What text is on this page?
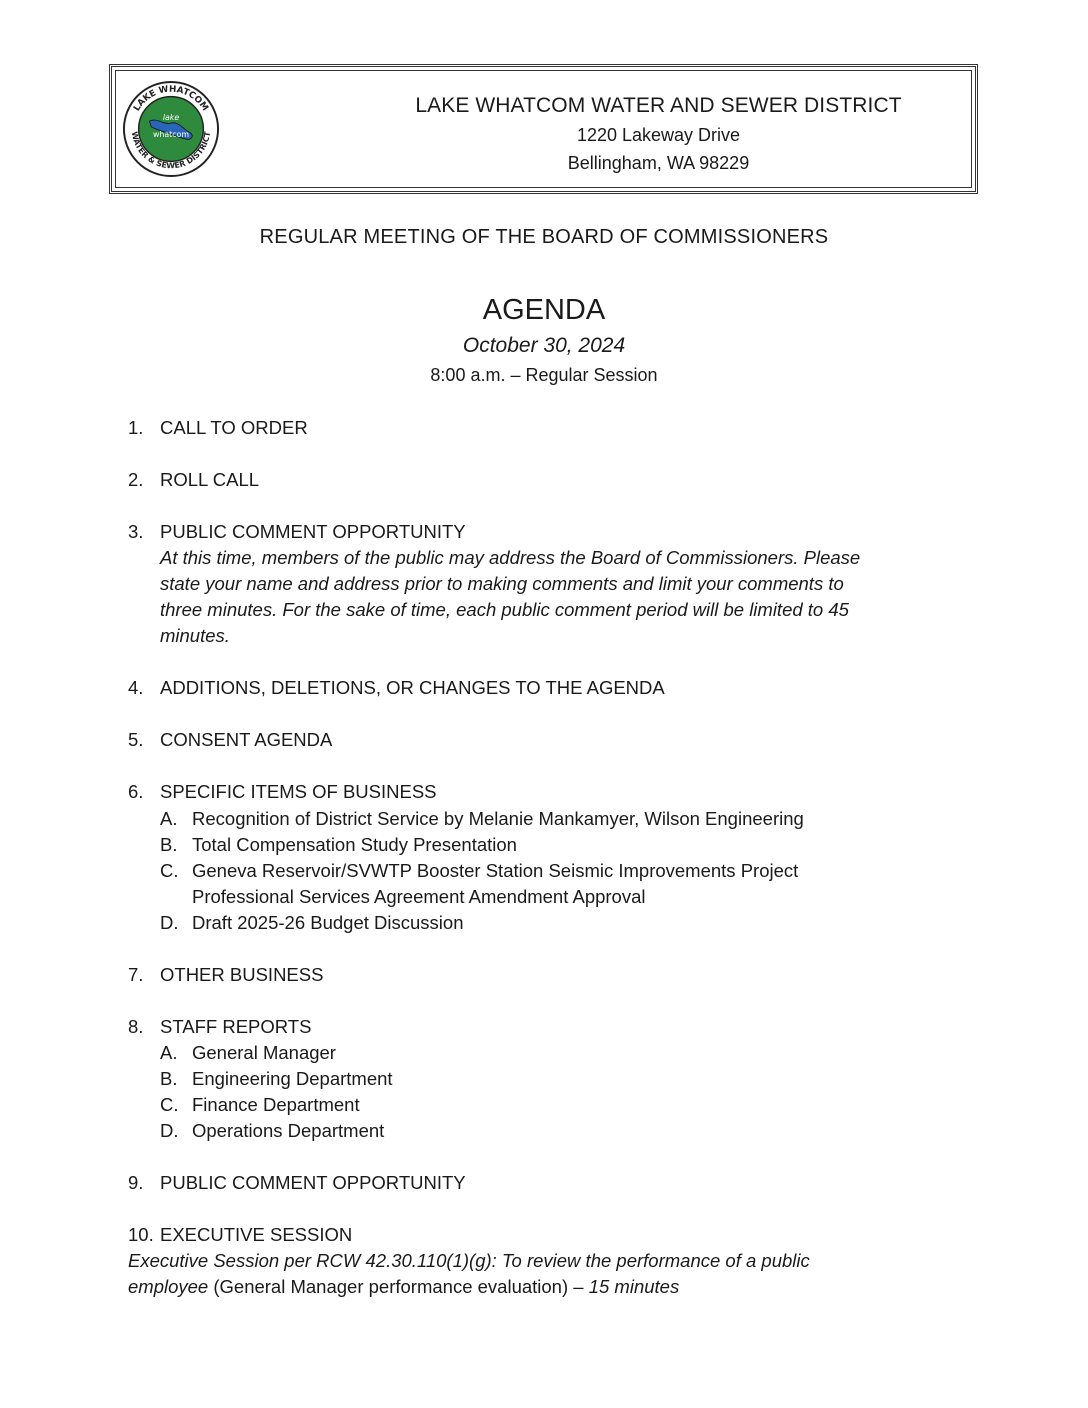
lake
whatcom
LAKE WHATCOM
WATER & SEWER DISTRICT
LAKE WHATCOM WATER AND SEWER DISTRICT
1220 Lakeway Drive
Bellingham, WA 98229
REGULAR MEETING OF THE BOARD OF COMMISSIONERS
AGENDA
October 30, 2024
8:00 a.m. – Regular Session
1. CALL TO ORDER
2. ROLL CALL
3. PUBLIC COMMENT OPPORTUNITY
At this time, members of the public may address the Board of Commissioners. Please
state your name and address prior to making comments and limit your comments to
three minutes. For the sake of time, each public comment period will be limited to 45
minutes.
4. ADDITIONS, DELETIONS, OR CHANGES TO THE AGENDA
5. CONSENT AGENDA
6. SPECIFIC ITEMS OF BUSINESS
A. Recognition of District Service by Melanie Mankamyer, Wilson Engineering
B. Total Compensation Study Presentation
C. Geneva Reservoir/SVWTP Booster Station Seismic Improvements Project
Professional Services Agreement Amendment Approval
D. Draft 2025-26 Budget Discussion
7. OTHER BUSINESS
8. STAFF REPORTS
A. General Manager
B. Engineering Department
C. Finance Department
D. Operations Department
9. PUBLIC COMMENT OPPORTUNITY
10. EXECUTIVE SESSION
Executive Session per RCW 42.30.110(1)(g): To review the performance of a public
employee (General Manager performance evaluation) – 15 minutes
